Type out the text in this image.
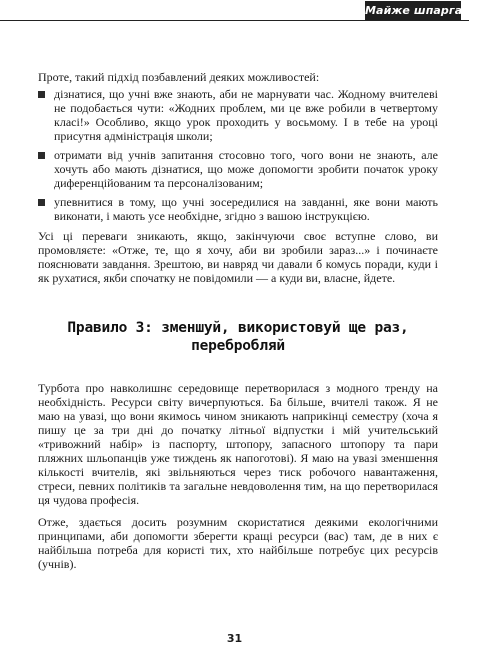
Майже шпаргалки

Проте, такий підхід позбавлений деяких можливостей:

дізнатися, що учні вже знають, аби не марнувати час. Жодному вчителеві не подобається чути: «Жодних проблем, ми це вже робили в четвертому класі!» Особливо, якщо урок проходить у восьмому. І в тебе на уроці присутня адміністрація школи;
отримати від учнів запитання стосовно того, чого вони не знають, але хочуть або мають дізнатися, що може допомогти зробити початок уроку диференційованим та персоналізованим;
упевнитися в тому, що учні зосередилися на завданні, яке вони мають виконати, і мають усе необхідне, згідно з вашою інструкцією.

Усі ці переваги зникають, якщо, закінчуючи своє вступне слово, ви промовляєте: «Отже, те, що я хочу, аби ви зробили зараз...» і починаєте пояснювати завдання. Зрештою, ви навряд чи давали б комусь поради, куди і як рухатися, якби спочатку не повідомили — а куди ви, власне, йдете.

Правило 3: зменшуй, використовуй ще раз, перебробляй

Турбота про навколишнє середовище перетворилася з модного тренду на необхідність. Ресурси світу вичерпуються. Ба більше, вчителі також. Я не маю на увазі, що вони якимось чином зникають наприкінці семестру (хоча я пишу це за три дні до початку літньої відпустки і мій учительський «тривожний набір» із паспорту, штопору, запасного штопору та пари пляжних шльопанців уже тиждень як напоготові). Я маю на увазі зменшення кількості вчителів, які звільняються через тиск робочого навантаження, стреси, певних політиків та загальне невдоволення тим, на що перетворилася ця чудова професія.

Отже, здається досить розумним скористатися деякими екологічними принципами, аби допомогти зберегти кращі ресурси (вас) там, де в них є найбільша потреба для користі тих, хто найбільше потребує цих ресурсів (учнів).

31
